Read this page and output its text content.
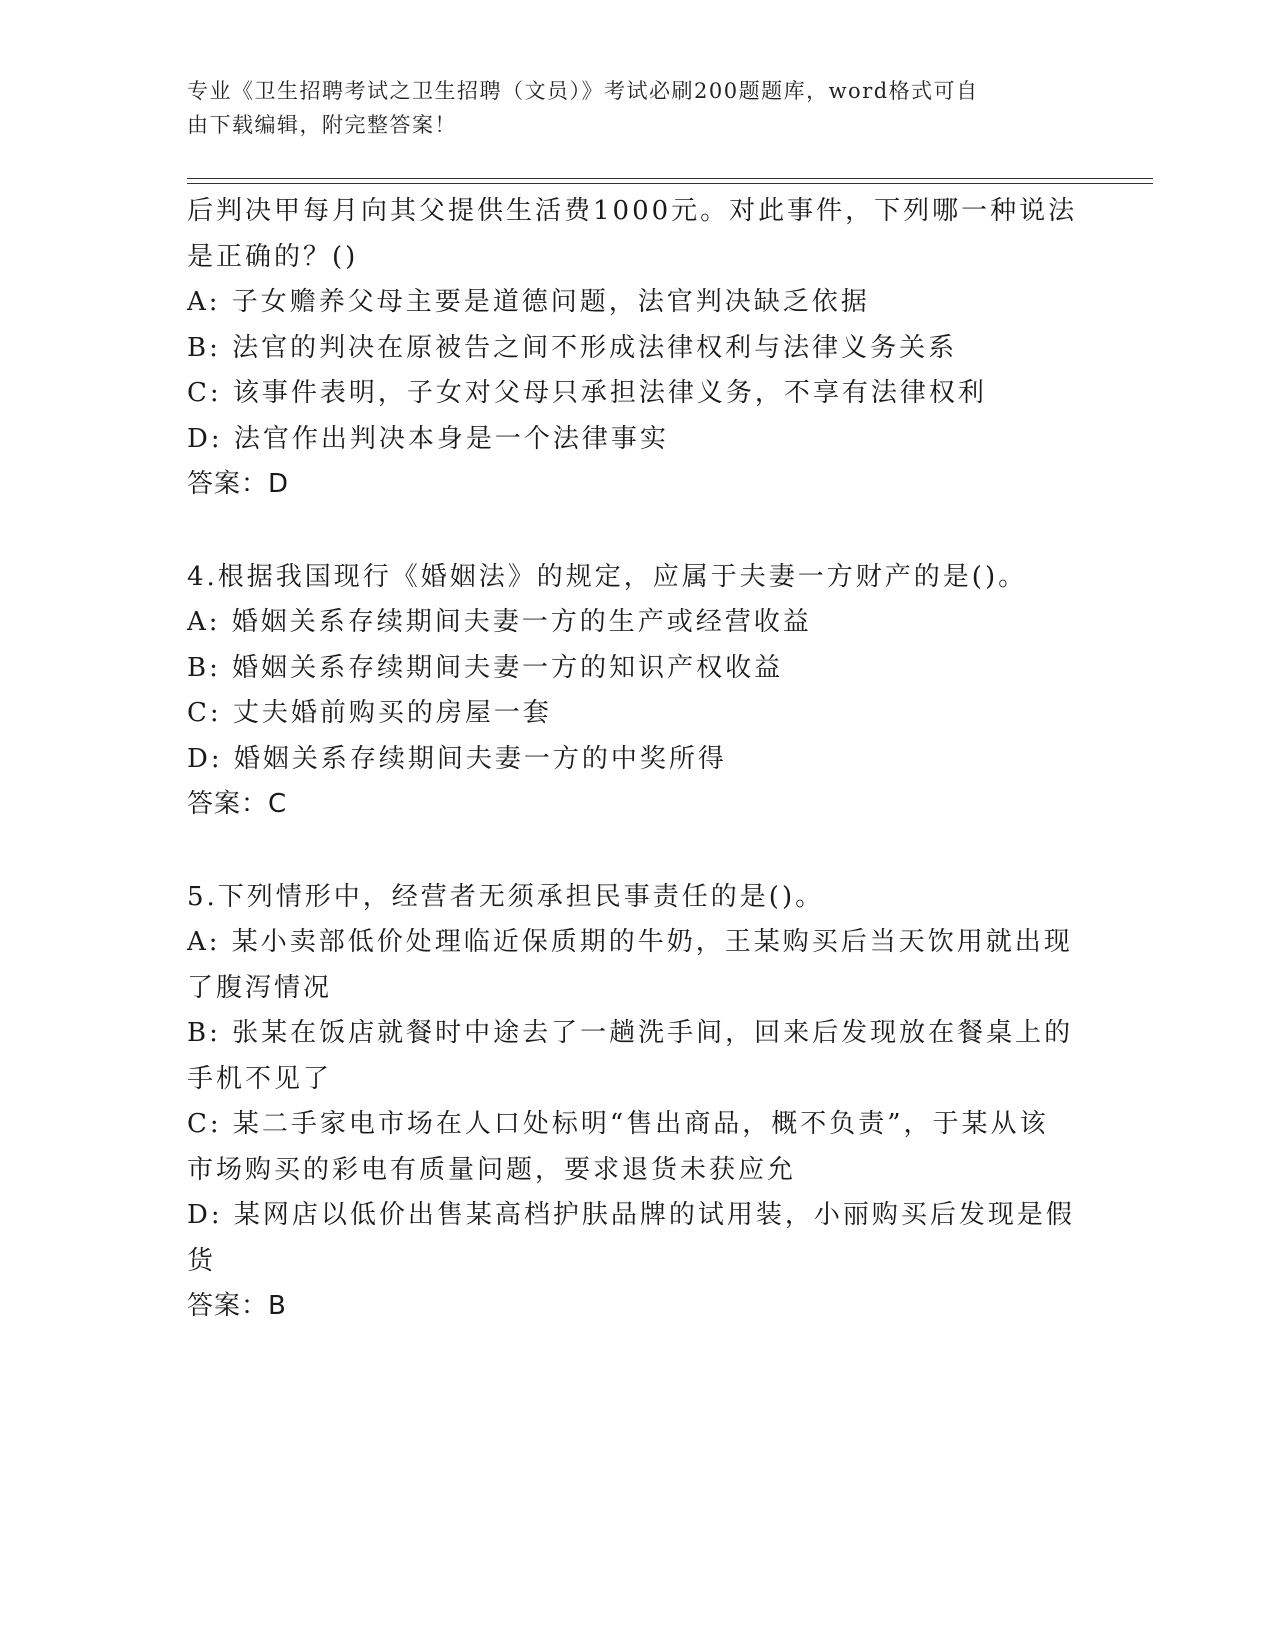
专业《卫生招聘考试之卫生招聘（文员）》考试必刷200题题库，word格式可自
由下载编辑，附完整答案！
后判决甲每月向其父提供生活费1000元。对此事件，下列哪一种说法
是正确的？()
A: 子女赡养父母主要是道德问题，法官判决缺乏依据
B: 法官的判决在原被告之间不形成法律权利与法律义务关系
C: 该事件表明，子女对父母只承担法律义务，不享有法律权利
D: 法官作出判决本身是一个法律事实
答案：D
4.根据我国现行《婚姻法》的规定，应属于夫妻一方财产的是()。
A: 婚姻关系存续期间夫妻一方的生产或经营收益
B: 婚姻关系存续期间夫妻一方的知识产权收益
C: 丈夫婚前购买的房屋一套
D: 婚姻关系存续期间夫妻一方的中奖所得
答案：C
5.下列情形中，经营者无须承担民事责任的是()。
A: 某小卖部低价处理临近保质期的牛奶，王某购买后当天饮用就出现
了腹泻情况
B: 张某在饭店就餐时中途去了一趟洗手间，回来后发现放在餐桌上的
手机不见了
C: 某二手家电市场在人口处标明“售出商品，概不负责”，于某从该
市场购买的彩电有质量问题，要求退货未获应允
D: 某网店以低价出售某高档护肤品牌的试用装，小丽购买后发现是假
货
答案：B
